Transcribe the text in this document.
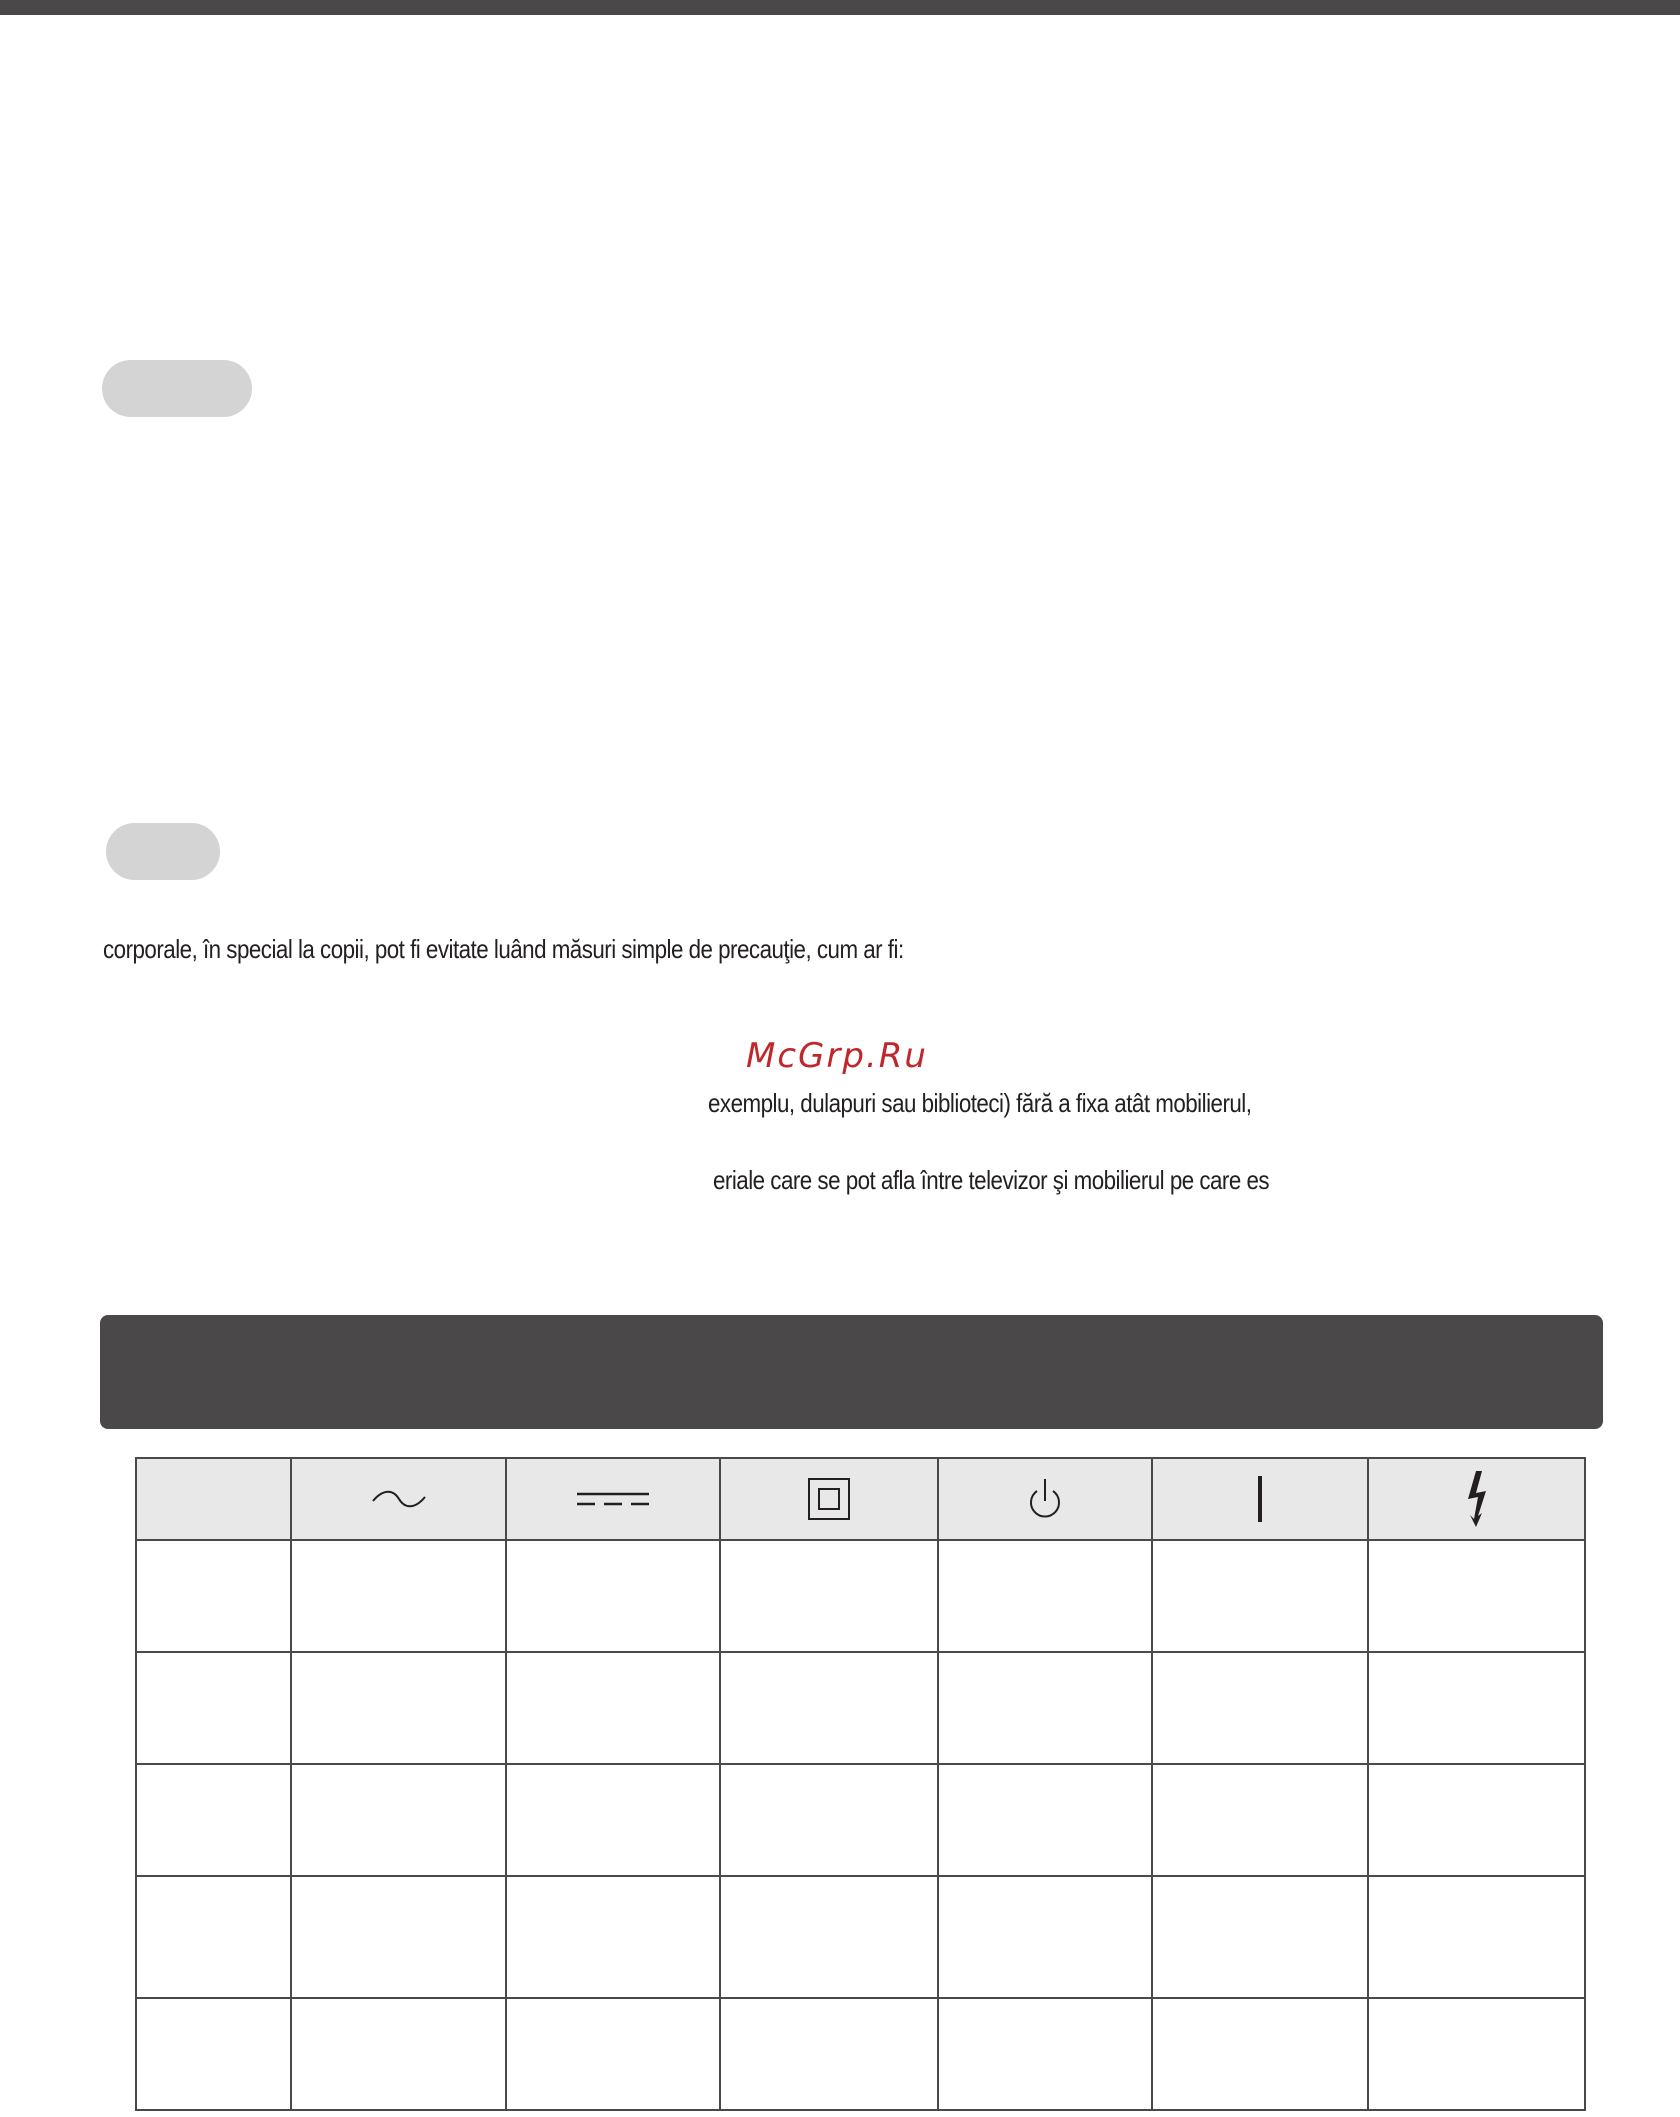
corporale, în special la copii, pot fi evitate luând măsuri simple de precauţie, cum ar fi:
McGrp.Ru
exemplu, dulapuri sau biblioteci) fără a fixa atât mobilierul,
eriale care se pot afla între televizor şi mobilierul pe care es
